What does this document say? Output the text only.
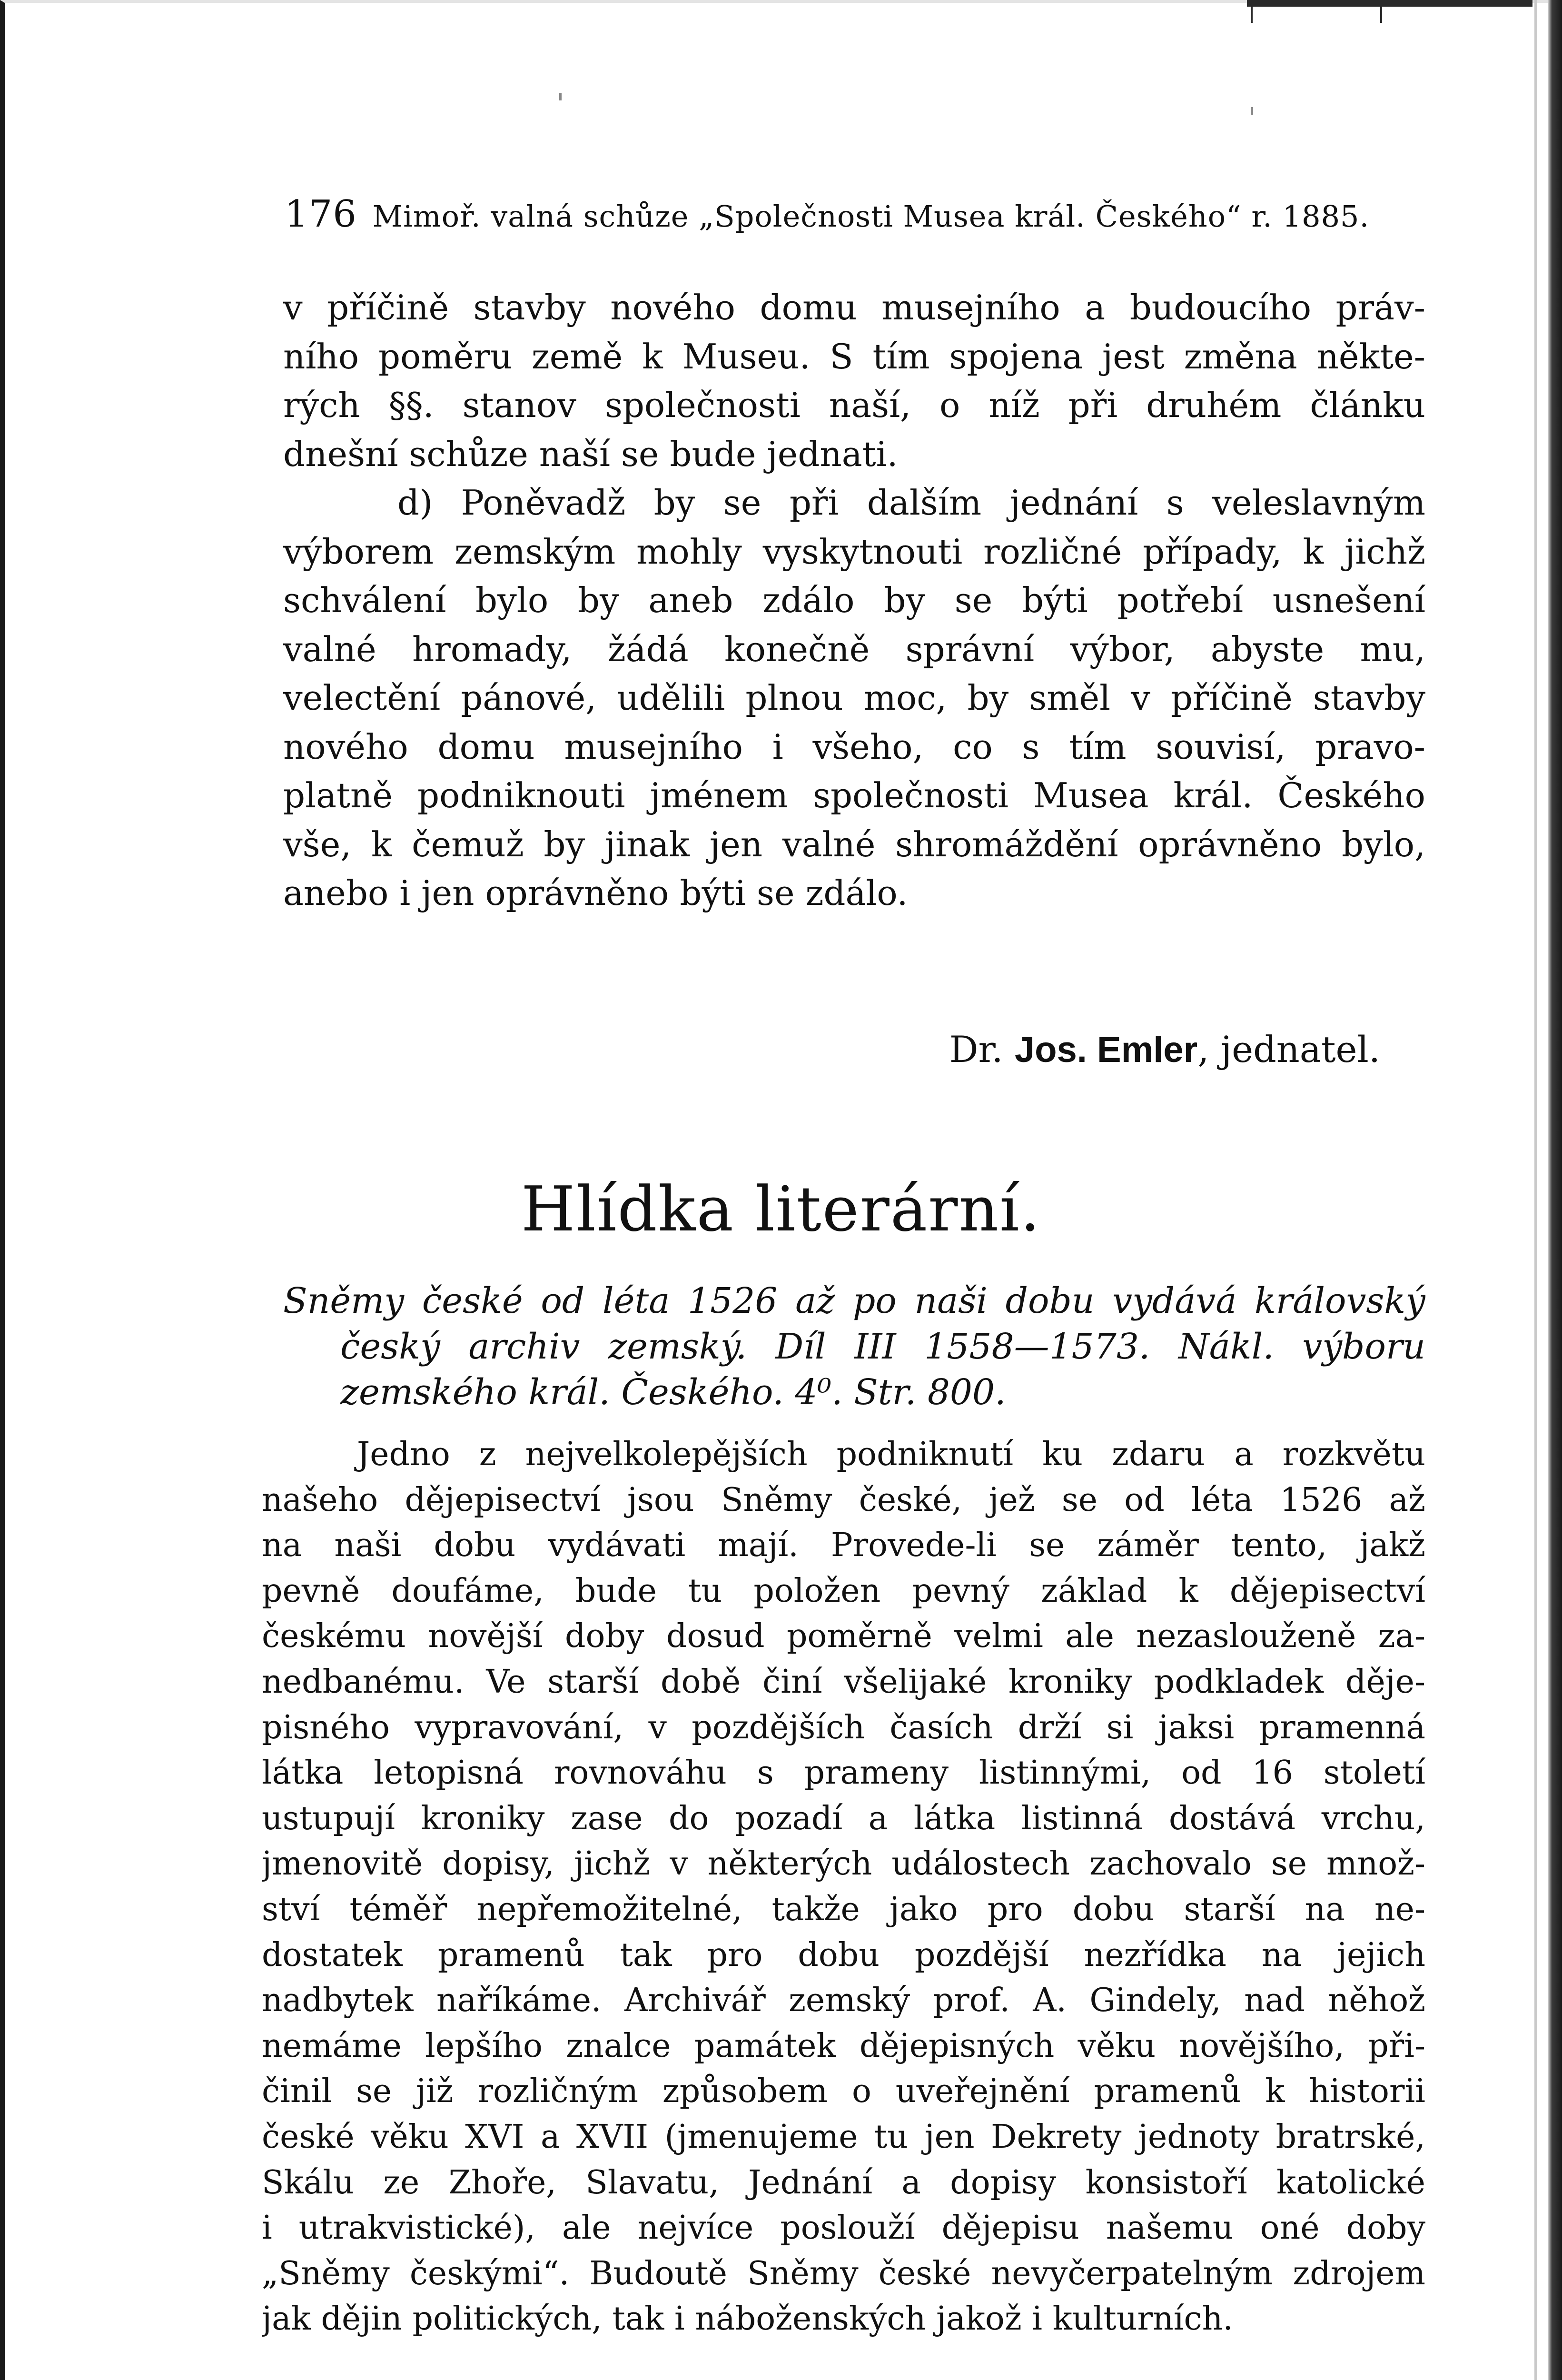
176 Mimoř. valná schůze „Společnosti Musea král. Českého“ r. 1885.
v příčině stavby nového domu musejního a budoucího práv-
ního poměru země k Museu. S tím spojena jest změna někte-
rých §§. stanov společnosti naší, o níž při druhém článku
dnešní schůze naší se bude jednati.
d) Poněvadž by se při dalším jednání s veleslavným
výborem zemským mohly vyskytnouti rozličné případy, k jichž
schválení bylo by aneb zdálo by se býti potřebí usnešení
valné hromady, žádá konečně správní výbor, abyste mu,
velectění pánové, udělili plnou moc, by směl v příčině stavby
nového domu musejního i všeho, co s tím souvisí, pravo-
platně podniknouti jménem společnosti Musea král. Českého
vše, k čemuž by jinak jen valné shromáždění oprávněno bylo,
anebo i jen oprávněno býti se zdálo.
Dr. Jos. Emler, jednatel.
Hlídka literární.
Sněmy české od léta 1526 až po naši dobu vydává královský
český archiv zemský. Díl III 1558—1573. Nákl. výboru
zemského král. Českého. 4⁰. Str. 800.
Jedno z nejvelkolepějších podniknutí ku zdaru a rozkvětu
našeho dějepisectví jsou Sněmy české, jež se od léta 1526 až
na naši dobu vydávati mají. Provede-li se záměr tento, jakž
pevně doufáme, bude tu položen pevný základ k dějepisectví
českému novější doby dosud poměrně velmi ale nezaslouženě za-
nedbanému. Ve starší době činí všelijaké kroniky podkladek děje-
pisného vypravování, v pozdějších časích drží si jaksi pramenná
látka letopisná rovnováhu s prameny listinnými, od 16 století
ustupují kroniky zase do pozadí a látka listinná dostává vrchu,
jmenovitě dopisy, jichž v některých událostech zachovalo se množ-
ství téměř nepřemožitelné, takže jako pro dobu starší na ne-
dostatek pramenů tak pro dobu pozdější nezřídka na jejich
nadbytek naříkáme. Archivář zemský prof. A. Gindely, nad něhož
nemáme lepšího znalce památek dějepisných věku novějšího, při-
činil se již rozličným způsobem o uveřejnění pramenů k historii
české věku XVI a XVII (jmenujeme tu jen Dekrety jednoty bratrské,
Skálu ze Zhoře, Slavatu, Jednání a dopisy konsistoří katolické
i utrakvistické), ale nejvíce poslouží dějepisu našemu oné doby
„Sněmy českými“. Budoutě Sněmy české nevyčerpatelným zdrojem
jak dějin politických, tak i náboženských jakož i kulturních.
